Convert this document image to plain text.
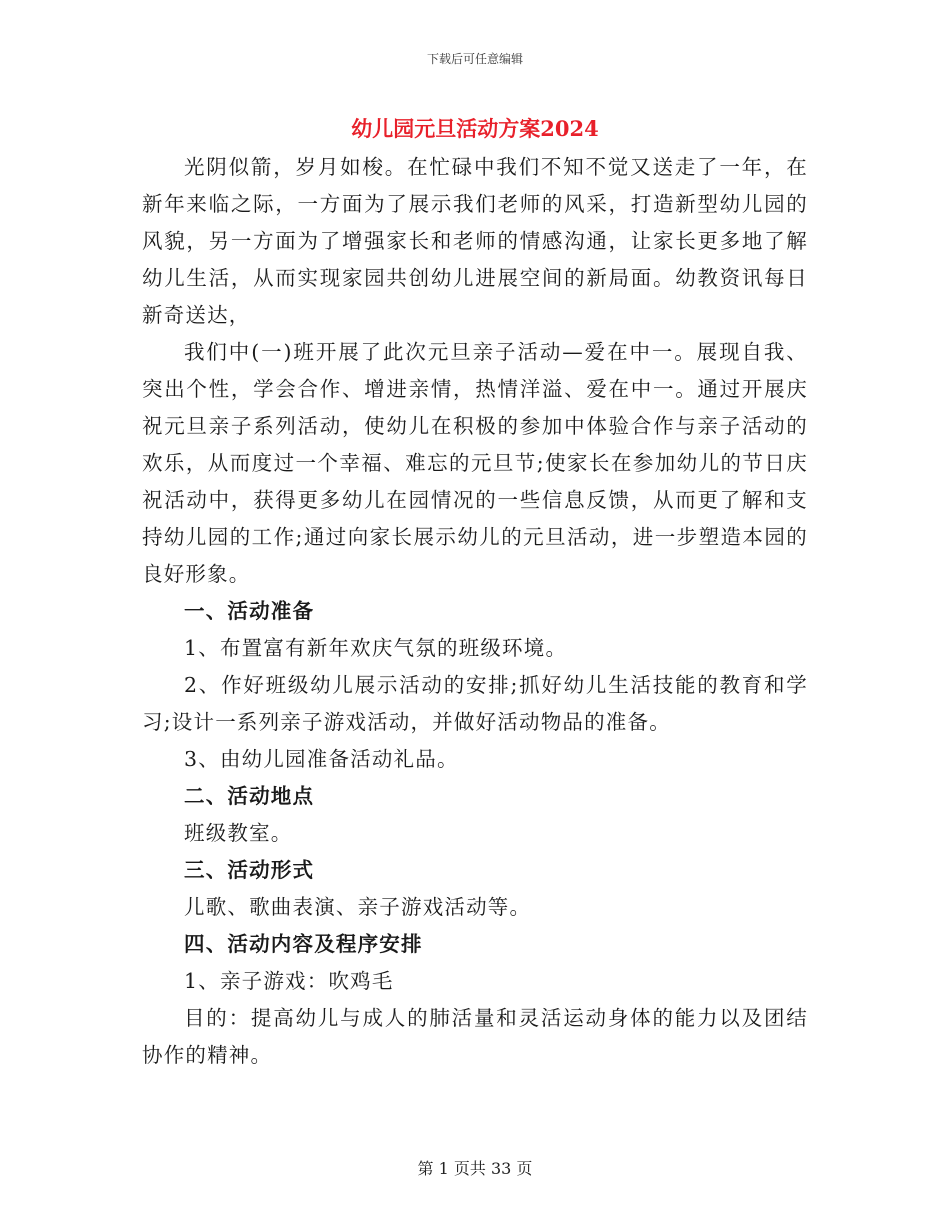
下载后可任意编辑
幼儿园元旦活动方案2024

光阴似箭，岁月如梭。在忙碌中我们不知不觉又送走了一年，在新年来临之际，一方面为了展示我们老师的风采，打造新型幼儿园的风貌，另一方面为了增强家长和老师的情感沟通，让家长更多地了解幼儿生活，从而实现家园共创幼儿进展空间的新局面。幼教资讯每日新奇送达，

我们中(一)班开展了此次元旦亲子活动—爱在中一。展现自我、突出个性，学会合作、增进亲情，热情洋溢、爱在中一。通过开展庆祝元旦亲子系列活动，使幼儿在积极的参加中体验合作与亲子活动的欢乐，从而度过一个幸福、难忘的元旦节;使家长在参加幼儿的节日庆祝活动中，获得更多幼儿在园情况的一些信息反馈，从而更了解和支持幼儿园的工作;通过向家长展示幼儿的元旦活动，进一步塑造本园的良好形象。

一、活动准备

1、布置富有新年欢庆气氛的班级环境。

2、作好班级幼儿展示活动的安排;抓好幼儿生活技能的教育和学习;设计一系列亲子游戏活动，并做好活动物品的准备。

3、由幼儿园准备活动礼品。

二、活动地点

班级教室。

三、活动形式

儿歌、歌曲表演、亲子游戏活动等。

四、活动内容及程序安排

1、亲子游戏：吹鸡毛

目的：提高幼儿与成人的肺活量和灵活运动身体的能力以及团结协作的精神。

第 1 页共 33 页
